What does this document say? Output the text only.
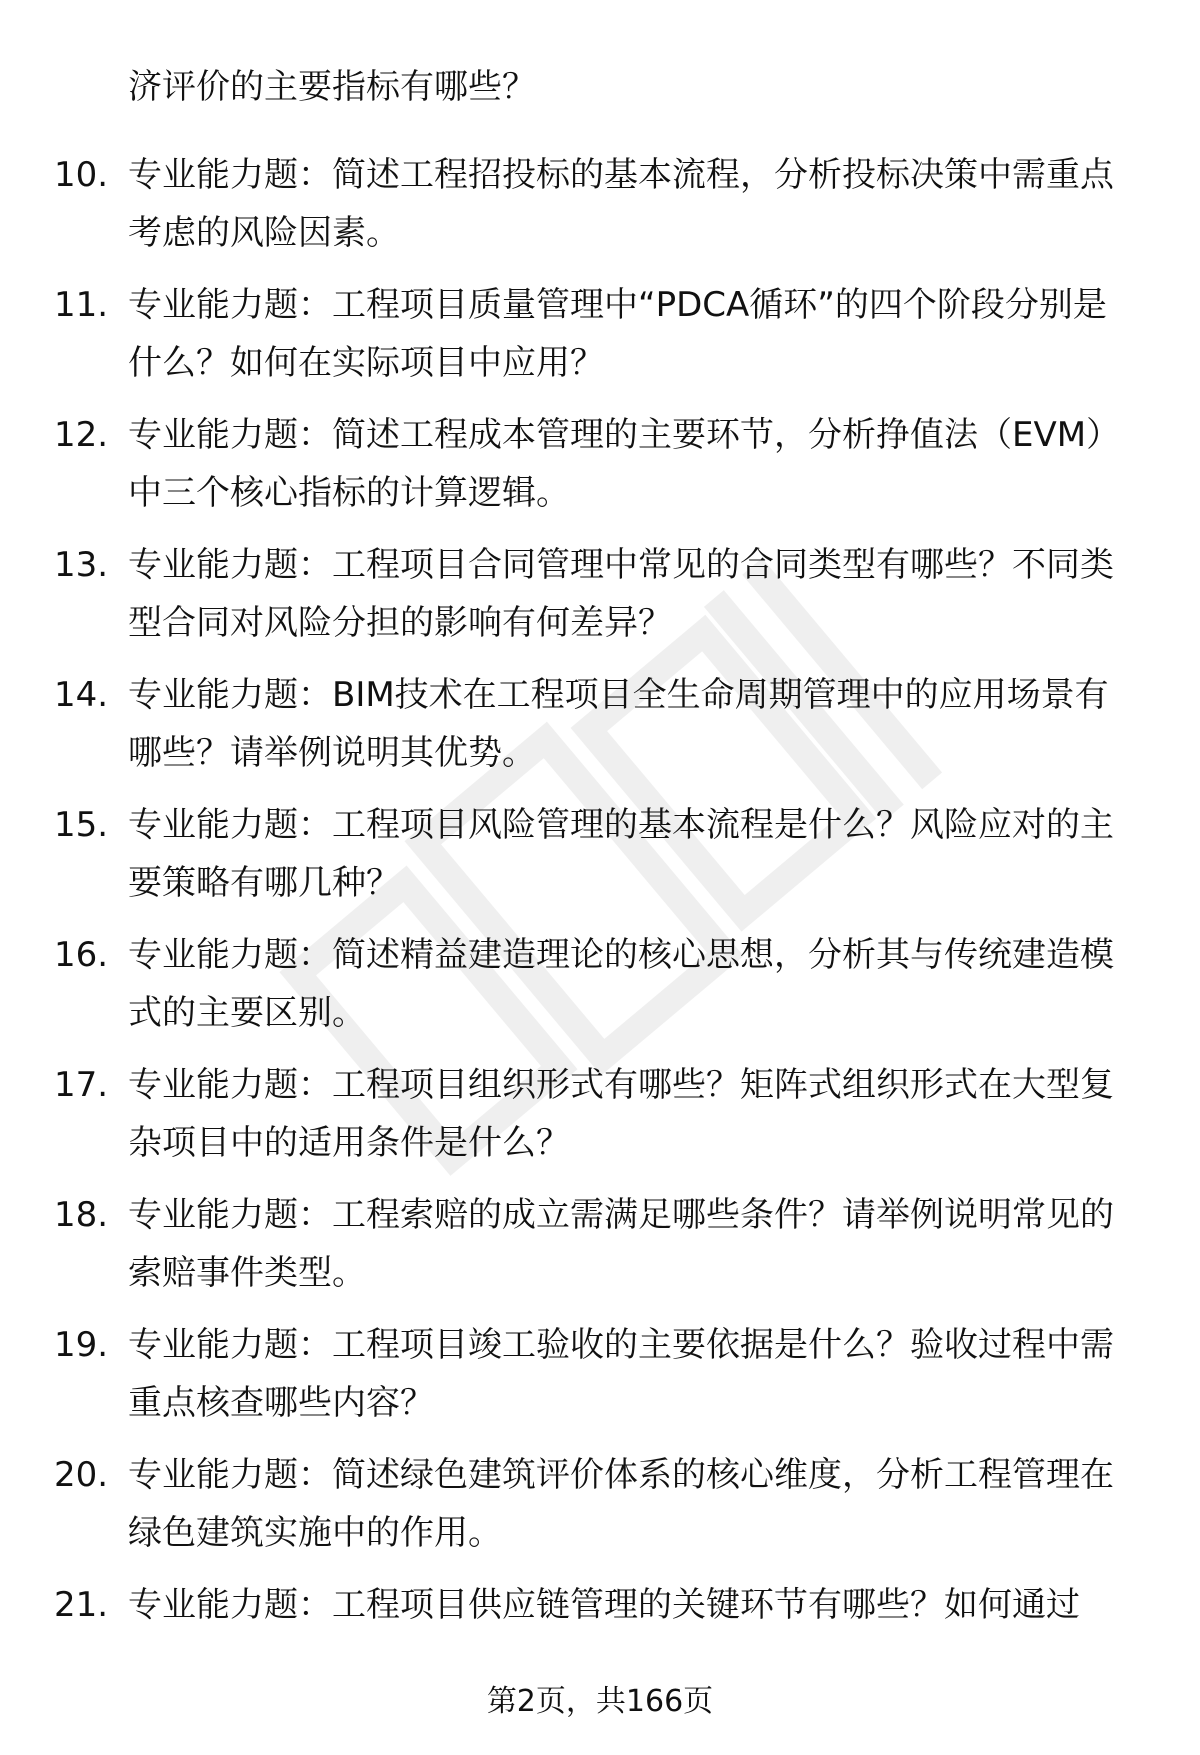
济评价的主要指标有哪些？
10. 专业能力题：简述工程招投标的基本流程，分析投标决策中需重点考虑的风险因素。
11. 专业能力题：工程项目质量管理中“PDCA循环”的四个阶段分别是什么？如何在实际项目中应用？
12. 专业能力题：简述工程成本管理的主要环节，分析挣值法（EVM）中三个核心指标的计算逻辑。
13. 专业能力题：工程项目合同管理中常见的合同类型有哪些？不同类型合同对风险分担的影响有何差异？
14. 专业能力题：BIM技术在工程项目全生命周期管理中的应用场景有哪些？请举例说明其优势。
15. 专业能力题：工程项目风险管理的基本流程是什么？风险应对的主要策略有哪几种？
16. 专业能力题：简述精益建造理论的核心思想，分析其与传统建造模式的主要区别。
17. 专业能力题：工程项目组织形式有哪些？矩阵式组织形式在大型复杂项目中的适用条件是什么？
18. 专业能力题：工程索赔的成立需满足哪些条件？请举例说明常见的索赔事件类型。
19. 专业能力题：工程项目竣工验收的主要依据是什么？验收过程中需重点核查哪些内容？
20. 专业能力题：简述绿色建筑评价体系的核心维度，分析工程管理在绿色建筑实施中的作用。
21. 专业能力题：工程项目供应链管理的关键环节有哪些？如何通过
第2页，共166页
